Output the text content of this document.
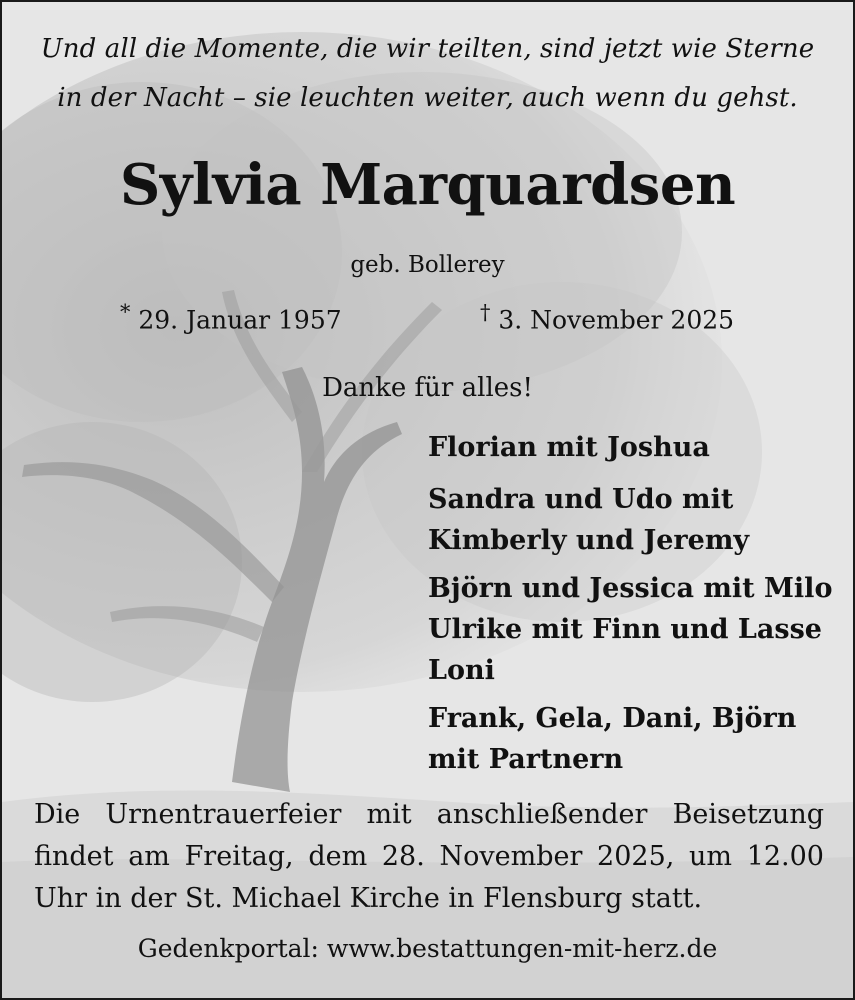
Und all die Momente, die wir teilten, sind jetzt wie Sterne
in der Nacht – sie leuchten weiter, auch wenn du gehst.
Sylvia Marquardsen
geb. Bollerey
* 29. Januar 1957	† 3. November 2025
Danke für alles!
Florian mit Joshua
Sandra und Udo mit
Kimberly und Jeremy
Björn und Jessica mit Milo
Ulrike mit Finn und Lasse
Loni
Frank, Gela, Dani, Björn
mit Partnern
Die Urnentrauerfeier mit anschließender Beisetzung
findet am Freitag, dem 28. November 2025, um 12.00
Uhr in der St. Michael Kirche in Flensburg statt.
Gedenkportal: www.bestattungen-mit-herz.de
